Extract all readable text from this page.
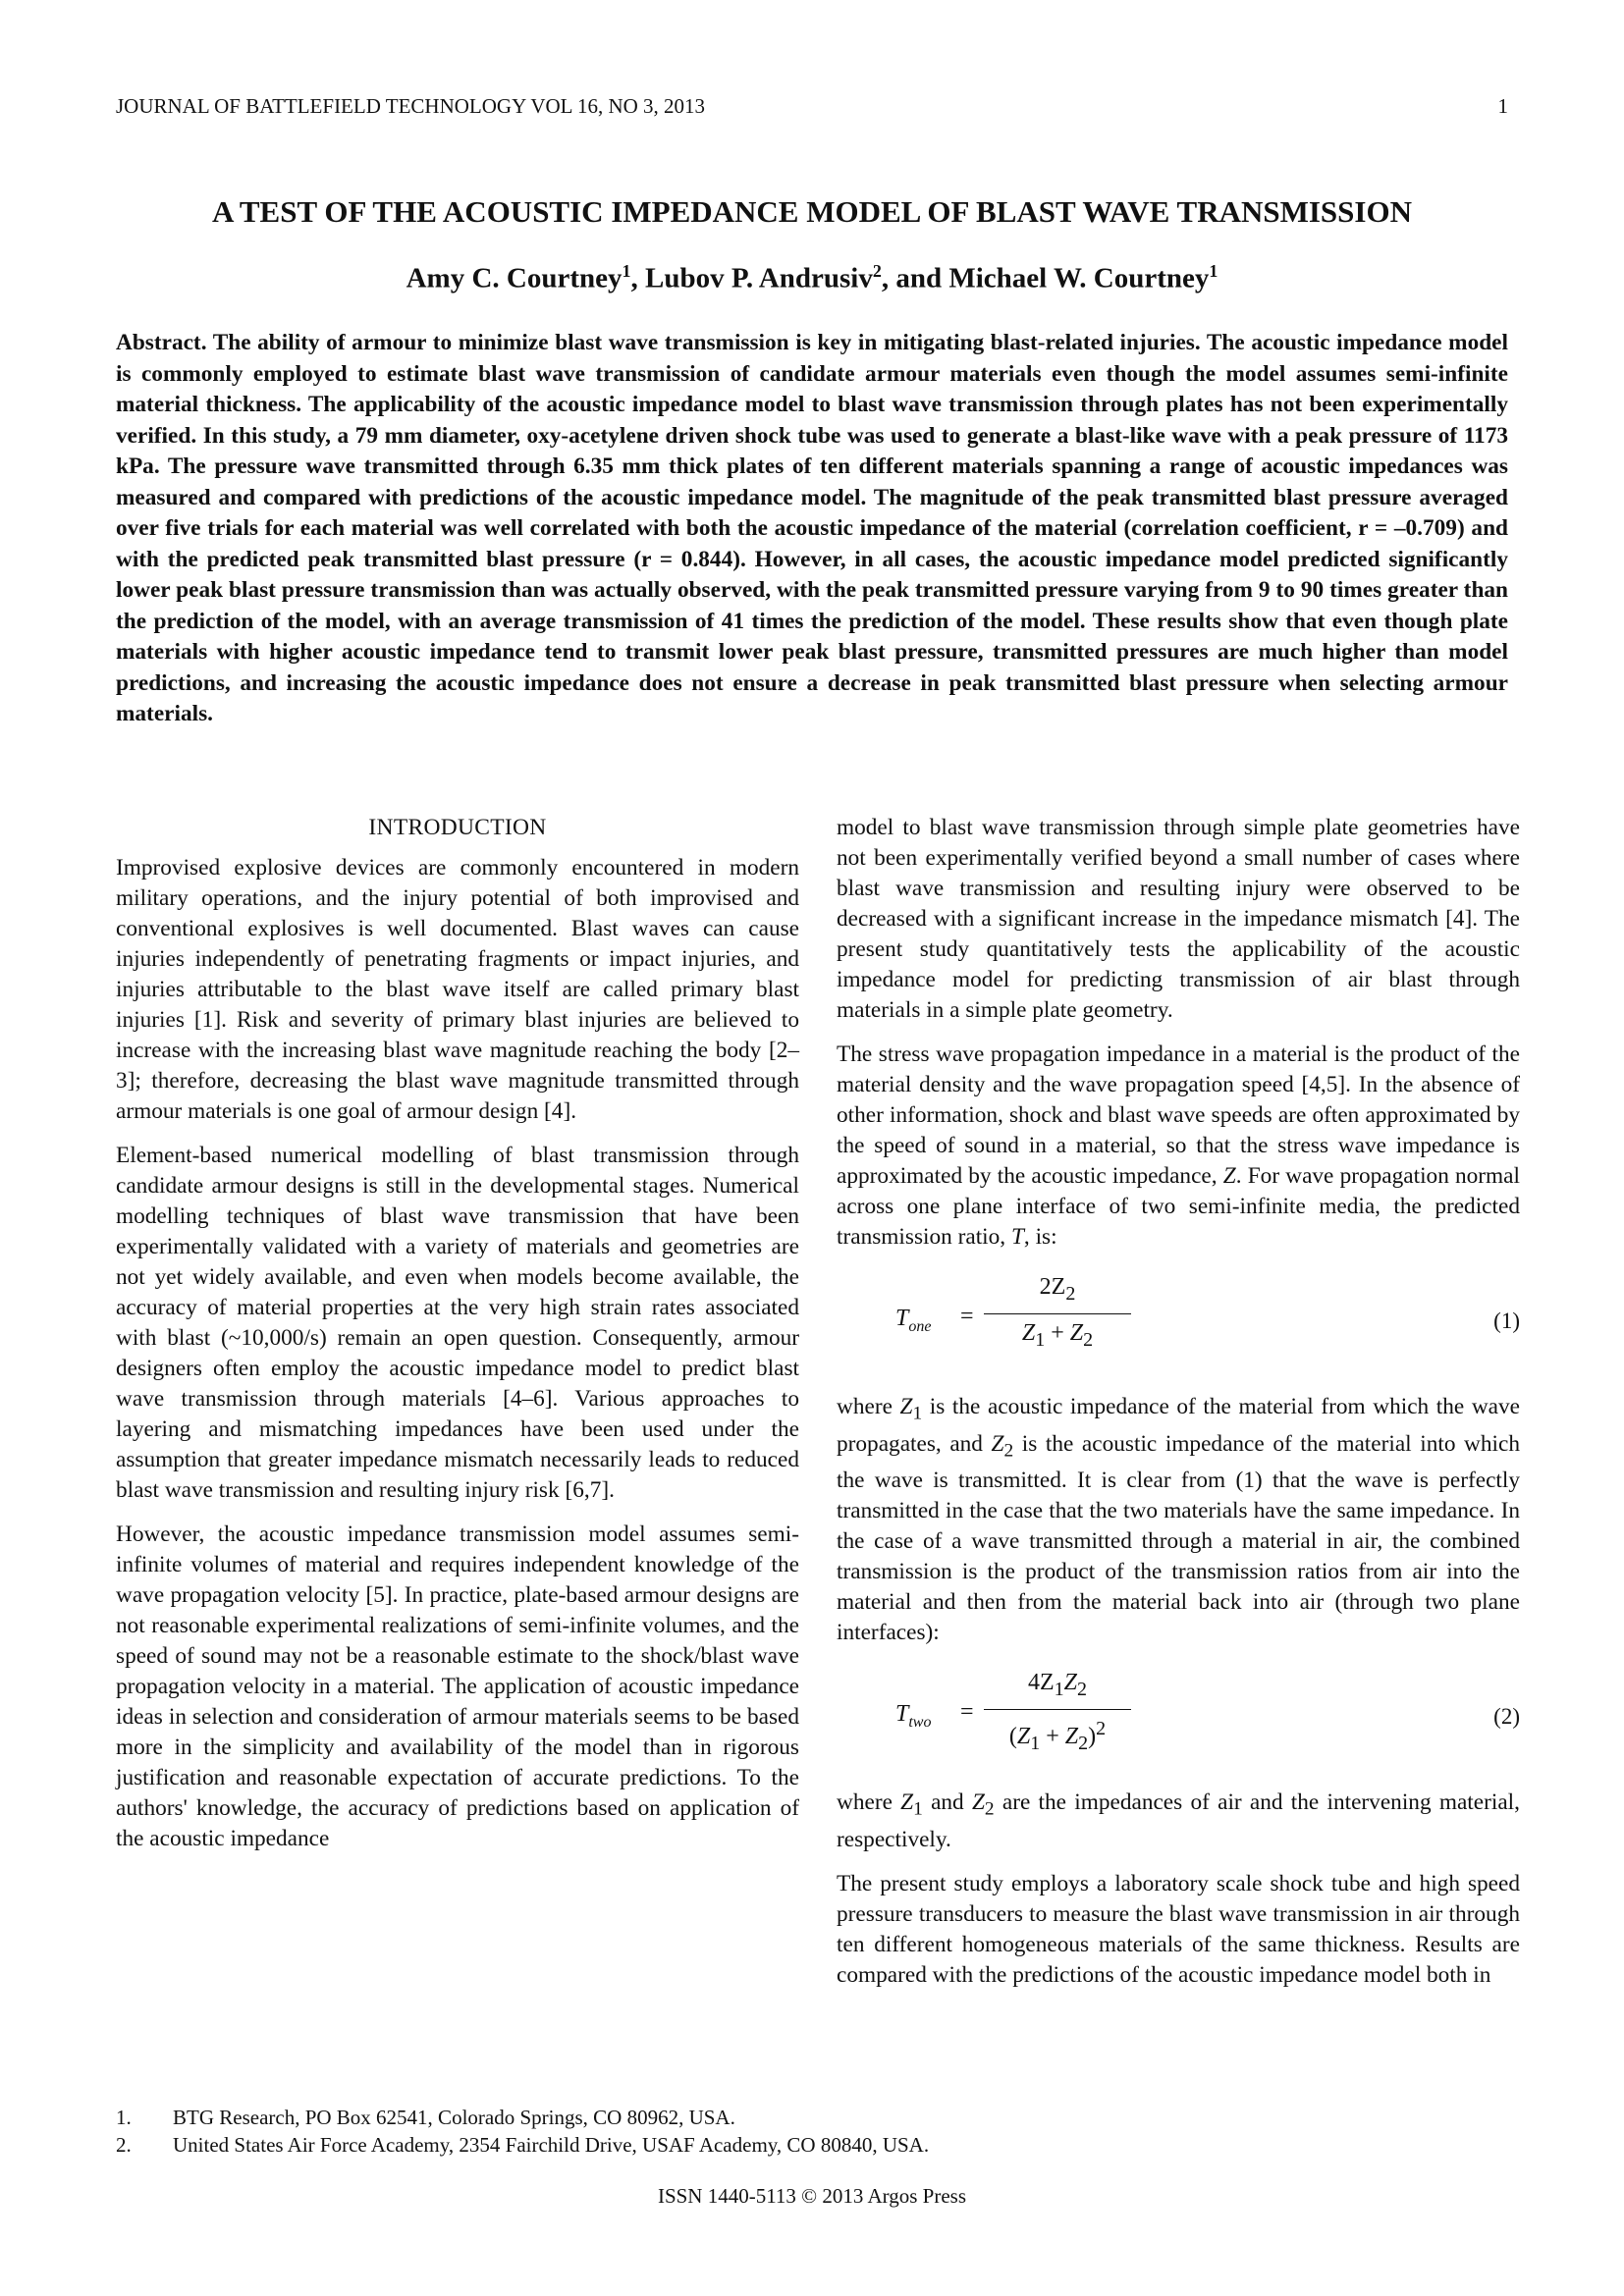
JOURNAL OF BATTLEFIELD TECHNOLOGY VOL 16, NO 3, 2013	1
A TEST OF THE ACOUSTIC IMPEDANCE MODEL OF BLAST WAVE TRANSMISSION
Amy C. Courtney$^1$, Lubov P. Andrusiv$^2$, and Michael W. Courtney$^1$
Abstract. The ability of armour to minimize blast wave transmission is key in mitigating blast-related injuries. The acoustic impedance model is commonly employed to estimate blast wave transmission of candidate armour materials even though the model assumes semi-infinite material thickness. The applicability of the acoustic impedance model to blast wave transmission through plates has not been experimentally verified. In this study, a 79 mm diameter, oxy-acetylene driven shock tube was used to generate a blast-like wave with a peak pressure of 1173 kPa. The pressure wave transmitted through 6.35 mm thick plates of ten different materials spanning a range of acoustic impedances was measured and compared with predictions of the acoustic impedance model. The magnitude of the peak transmitted blast pressure averaged over five trials for each material was well correlated with both the acoustic impedance of the material (correlation coefficient, r = –0.709) and with the predicted peak transmitted blast pressure (r = 0.844). However, in all cases, the acoustic impedance model predicted significantly lower peak blast pressure transmission than was actually observed, with the peak transmitted pressure varying from 9 to 90 times greater than the prediction of the model, with an average transmission of 41 times the prediction of the model. These results show that even though plate materials with higher acoustic impedance tend to transmit lower peak blast pressure, transmitted pressures are much higher than model predictions, and increasing the acoustic impedance does not ensure a decrease in peak transmitted blast pressure when selecting armour materials.
INTRODUCTION

Improvised explosive devices are commonly encountered in modern military operations, and the injury potential of both improvised and conventional explosives is well documented. Blast waves can cause injuries independently of penetrating fragments or impact injuries, and injuries attributable to the blast wave itself are called primary blast injuries [1]. Risk and severity of primary blast injuries are believed to increase with the increasing blast wave magnitude reaching the body [2–3]; therefore, decreasing the blast wave magnitude transmitted through armour materials is one goal of armour design [4].

Element-based numerical modelling of blast transmission through candidate armour designs is still in the developmental stages. Numerical modelling techniques of blast wave transmission that have been experimentally validated with a variety of materials and geometries are not yet widely available, and even when models become available, the accuracy of material properties at the very high strain rates associated with blast (~10,000/s) remain an open question. Consequently, armour designers often employ the acoustic impedance model to predict blast wave transmission through materials [4–6]. Various approaches to layering and mismatching impedances have been used under the assumption that greater impedance mismatch necessarily leads to reduced blast wave transmission and resulting injury risk [6,7].

However, the acoustic impedance transmission model assumes semi-infinite volumes of material and requires independent knowledge of the wave propagation velocity [5]. In practice, plate-based armour designs are not reasonable experimental realizations of semi-infinite volumes, and the speed of sound may not be a reasonable estimate to the shock/blast wave propagation velocity in a material. The application of acoustic impedance ideas in selection and consideration of armour materials seems to be based more in the simplicity and availability of the model than in rigorous justification and reasonable expectation of accurate predictions. To the authors' knowledge, the accuracy of predictions based on application of the acoustic impedance

model to blast wave transmission through simple plate geometries have not been experimentally verified beyond a small number of cases where blast wave transmission and resulting injury were observed to be decreased with a significant increase in the impedance mismatch [4]. The present study quantitatively tests the applicability of the acoustic impedance model for predicting transmission of air blast through materials in a simple plate geometry.

The stress wave propagation impedance in a material is the product of the material density and the wave propagation speed [4,5]. In the absence of other information, shock and blast wave speeds are often approximated by the speed of sound in a material, so that the stress wave impedance is approximated by the acoustic impedance, Z. For wave propagation normal across one plane interface of two semi-infinite media, the predicted transmission ratio, T, is:

$T_{one} = \frac{2Z_2}{Z_1 + Z_2}$	(1)

where $Z_1$ is the acoustic impedance of the material from which the wave propagates, and $Z_2$ is the acoustic impedance of the material into which the wave is transmitted. It is clear from (1) that the wave is perfectly transmitted in the case that the two materials have the same impedance. In the case of a wave transmitted through a material in air, the combined transmission is the product of the transmission ratios from air into the material and then from the material back into air (through two plane interfaces):

$T_{two} = \frac{4Z_1Z_2}{(Z_1 + Z_2)^2}$	(2)

where $Z_1$ and $Z_2$ are the impedances of air and the intervening material, respectively.

The present study employs a laboratory scale shock tube and high speed pressure transducers to measure the blast wave transmission in air through ten different homogeneous materials of the same thickness. Results are compared with the predictions of the acoustic impedance model both in

1.	BTG Research, PO Box 62541, Colorado Springs, CO 80962, USA.
2.	United States Air Force Academy, 2354 Fairchild Drive, USAF Academy, CO 80840, USA.
ISSN 1440-5113 © 2013 Argos Press
